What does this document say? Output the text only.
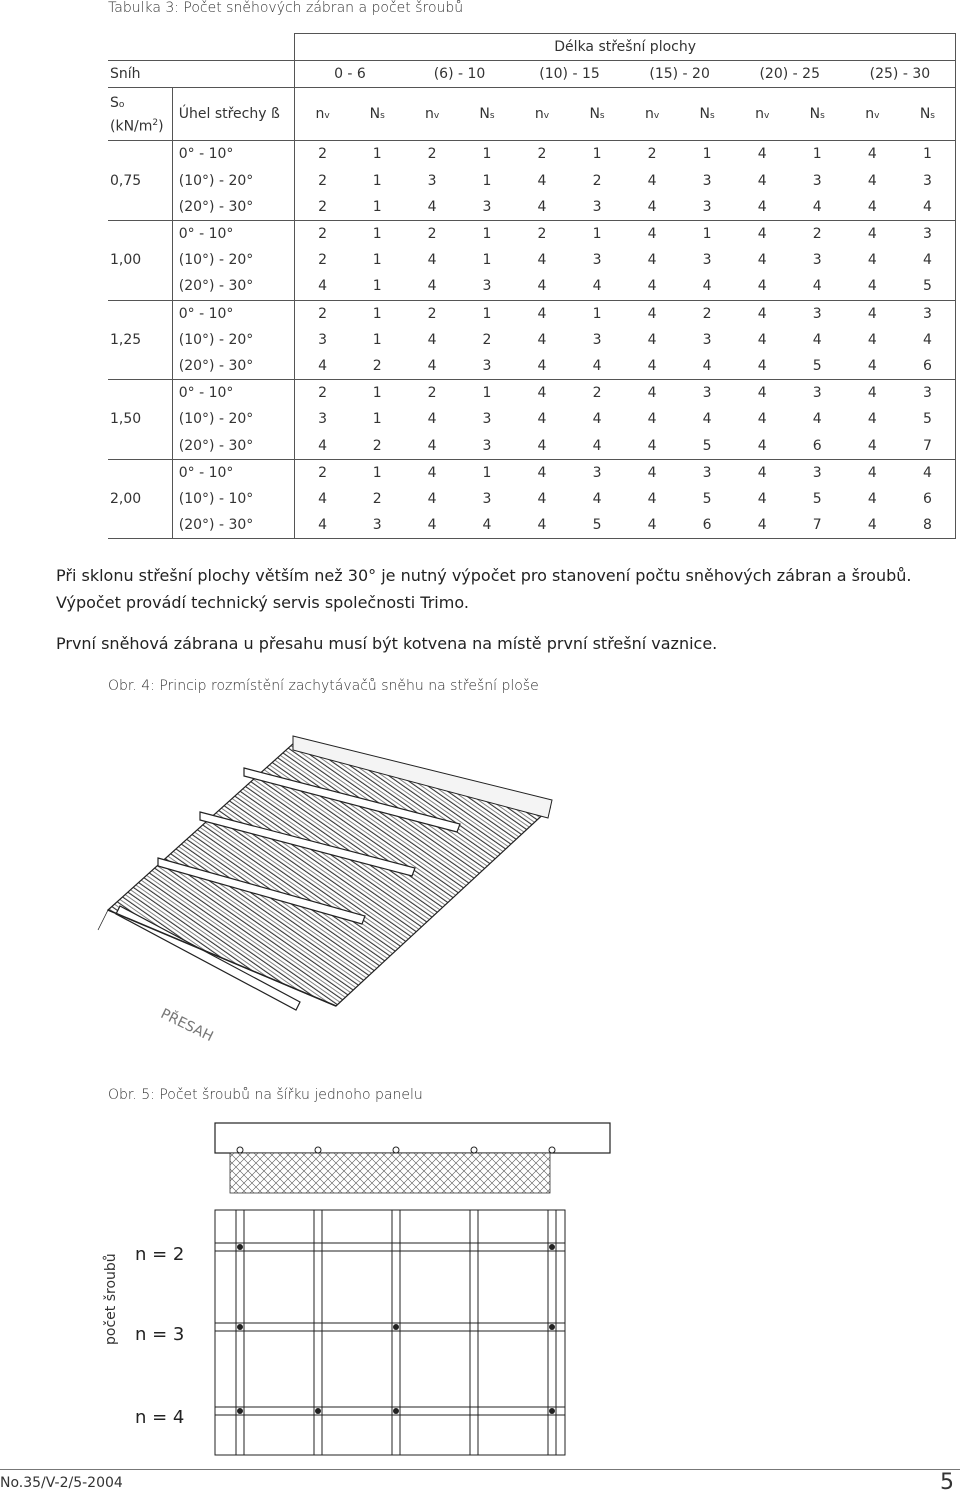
Tabulka 3: Počet sněhových zábran a počet šroubů
		Délka střešní plochy											
Sníh		0 - 6		(6) - 10		(10) - 15		(15) - 20		(20) - 25		(25) - 30	
So
$(kN/m^2)$	Úhel střechy ß	nv	Ns	nv	Ns	nv	Ns	nv	Ns	nv	Ns	nv	Ns
0,75	0° - 10°	2	1	2	1	2	1	2	1	4	1	4	1
	(10°) - 20°	2	1	3	1	4	2	4	3	4	3	4	3
	(20°) - 30°	2	1	4	3	4	3	4	3	4	4	4	4
1,00	0° - 10°	2	1	2	1	2	1	4	1	4	2	4	3
	(10°) - 20°	2	1	4	1	4	3	4	3	4	3	4	4
	(20°) - 30°	4	1	4	3	4	4	4	4	4	4	4	5
1,25	0° - 10°	2	1	2	1	4	1	4	2	4	3	4	3
	(10°) - 20°	3	1	4	2	4	3	4	3	4	4	4	4
	(20°) - 30°	4	2	4	3	4	4	4	4	4	5	4	6
1,50	0° - 10°	2	1	2	1	4	2	4	3	4	3	4	3
	(10°) - 20°	3	1	4	3	4	4	4	4	4	4	4	5
	(20°) - 30°	4	2	4	3	4	4	4	5	4	6	4	7
2,00	0° - 10°	2	1	4	1	4	3	4	3	4	3	4	4
	(10°) - 10°	4	2	4	3	4	4	4	5	4	5	4	6
	(20°) - 30°	4	3	4	4	4	5	4	6	4	7	4	8

Při sklonu střešní plochy větším než 30° je nutný výpočet pro stanovení počtu sněhových zábran a šroubů. Výpočet provádí technický servis společnosti Trimo.

První sněhová zábrana u přesahu musí být kotvena na místě první střešní vaznice.

Obr. 4: Princip rozmístění zachytávačů sněhu na střešní ploše
PŘESAH
Obr. 5: Počet šroubů na šířku jednoho panelu
počet šroubů n = 2
n = 3
n = 4
No.35/V-2/5-2004	5
